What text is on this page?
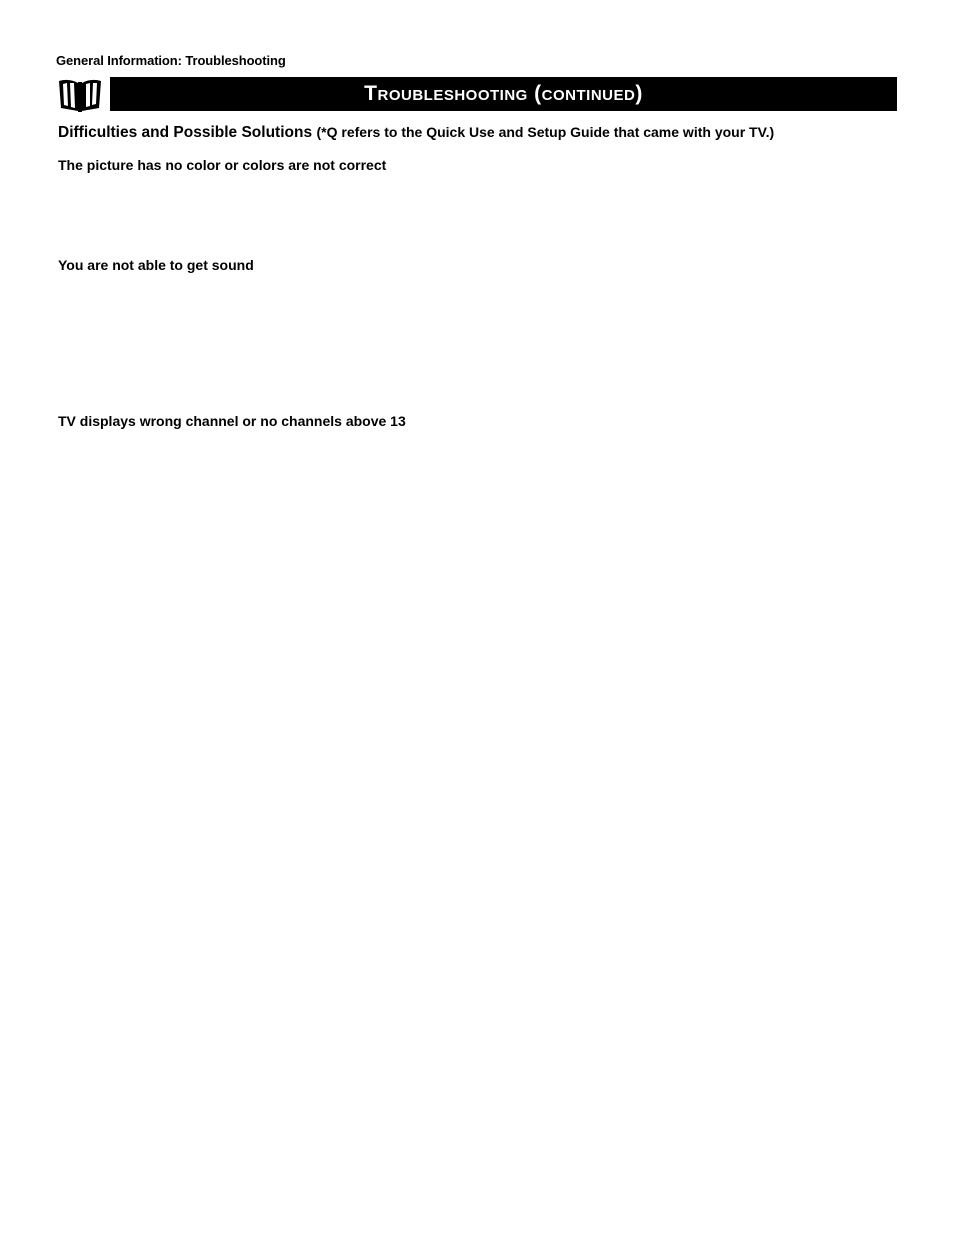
General Information: Troubleshooting
Troubleshooting (continued)
Difficulties and Possible Solutions (*Q refers to the Quick Use and Setup Guide that came with your TV.)
The picture has no color or colors are not correct
You are not able to get sound
TV displays wrong channel or no channels above 13
